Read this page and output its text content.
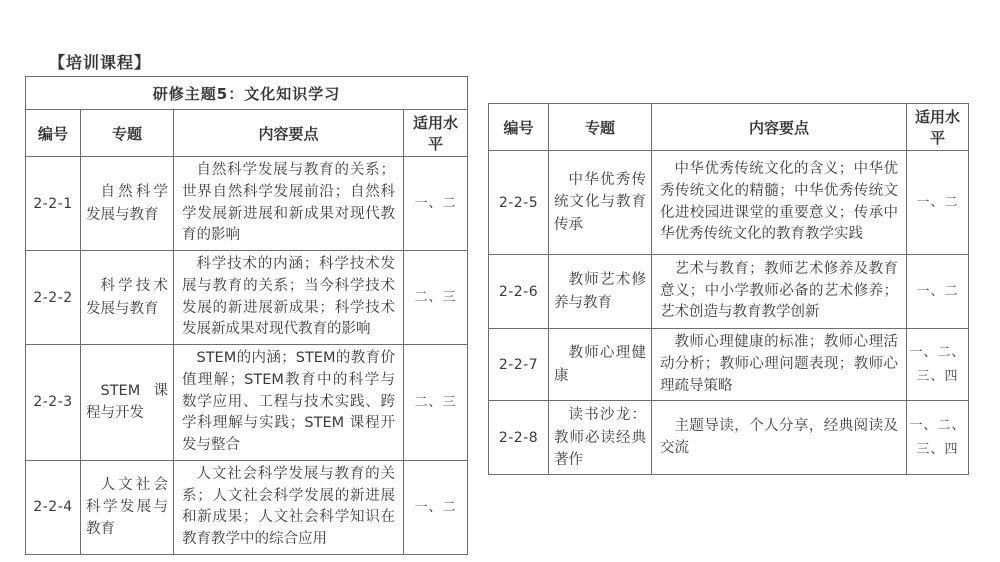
【培训课程】
研修主题5：文化知识学习			
编号	专题	内容要点	适用水平
2-2-1	自然科学发展与教育	自然科学发展与教育的关系；世界自然科学发展前沿；自然科学发展新进展和新成果对现代教育的影响	一、二
2-2-2	科学技术发展与教育	科学技术的内涵；科学技术发展与教育的关系；当今科学技术发展的新进展新成果；科学技术发展新成果对现代教育的影响	二、三
2-2-3	STEM 课程与开发	STEM的内涵；STEM的教育价值理解；STEM教育中的科学与数学应用、工程与技术实践、跨学科理解与实践；STEM 课程开发与整合	二、三
2-2-4	人文社会科学发展与教育	人文社会科学发展与教育的关系；人文社会科学发展的新进展和新成果；人文社会科学知识在教育教学中的综合应用	一、二
编号	专题	内容要点	适用水平
2-2-5	中华优秀传统文化与教育传承	中华优秀传统文化的含义；中华优秀传统文化的精髓；中华优秀传统文化进校园进课堂的重要意义；传承中华优秀传统文化的教育教学实践	一、二
2-2-6	教师艺术修养与教育	艺术与教育；教师艺术修养及教育意义；中小学教师必备的艺术修养；艺术创造与教育教学创新	一、二
2-2-7	教师心理健康	教师心理健康的标准；教师心理活动分析；教师心理问题表现；教师心理疏导策略	一、二、三、四
2-2-8	读书沙龙：教师必读经典著作	主题导读，个人分享，经典阅读及交流	一、二、三、四
